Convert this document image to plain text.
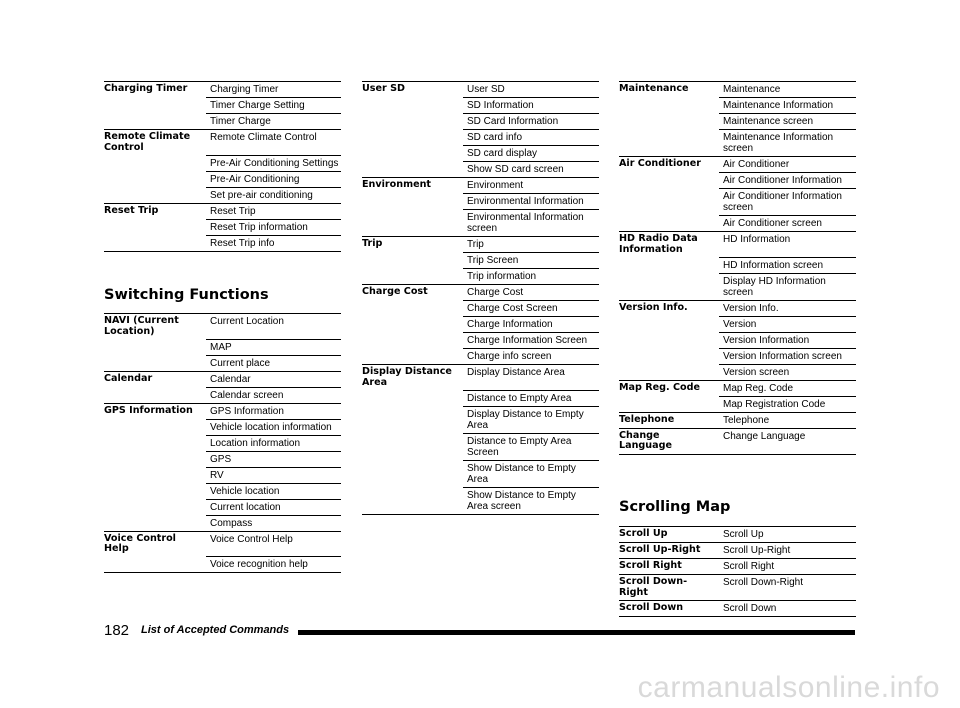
Charging Timer	Charging Timer
	Timer Charge Setting
	Timer Charge
Remote Climate Control	Remote Climate Control
	Pre-Air Conditioning Settings
	Pre-Air Conditioning
	Set pre-air conditioning
Reset Trip	Reset Trip
	Reset Trip information
	Reset Trip info
Switching Functions
NAVI (Current Location)	Current Location
	MAP
	Current place
Calendar	Calendar
	Calendar screen
GPS Information	GPS Information
	Vehicle location information
	Location information
	GPS
	RV
	Vehicle location
	Current location
	Compass
Voice Control Help	Voice Control Help
	Voice recognition help
User SD	User SD
	SD Information
	SD Card Information
	SD card info
	SD card display
	Show SD card screen
Environment	Environment
	Environmental Information
	Environmental Information screen
Trip	Trip
	Trip Screen
	Trip information
Charge Cost	Charge Cost
	Charge Cost Screen
	Charge Information
	Charge Information Screen
	Charge info screen
Display Distance Area	Display Distance Area
	Distance to Empty Area
	Display Distance to Empty Area
	Distance to Empty Area Screen
	Show Distance to Empty Area
	Show Distance to Empty Area screen
Maintenance	Maintenance
	Maintenance Information
	Maintenance screen
	Maintenance Information screen
Air Conditioner	Air Conditioner
	Air Conditioner Information
	Air Conditioner Information screen
	Air Conditioner screen
HD Radio Data Information	HD Information
	HD Information screen
	Display HD Information screen
Version Info.	Version Info.
	Version
	Version Information
	Version Information screen
	Version screen
Map Reg. Code	Map Reg. Code
	Map Registration Code
Telephone	Telephone
Change Language	Change Language
Scrolling Map
Scroll Up	Scroll Up
Scroll Up-Right	Scroll Up-Right
Scroll Right	Scroll Right
Scroll Down-Right	Scroll Down-Right
Scroll Down	Scroll Down
182 List of Accepted Commands
carmanualsonline.info
